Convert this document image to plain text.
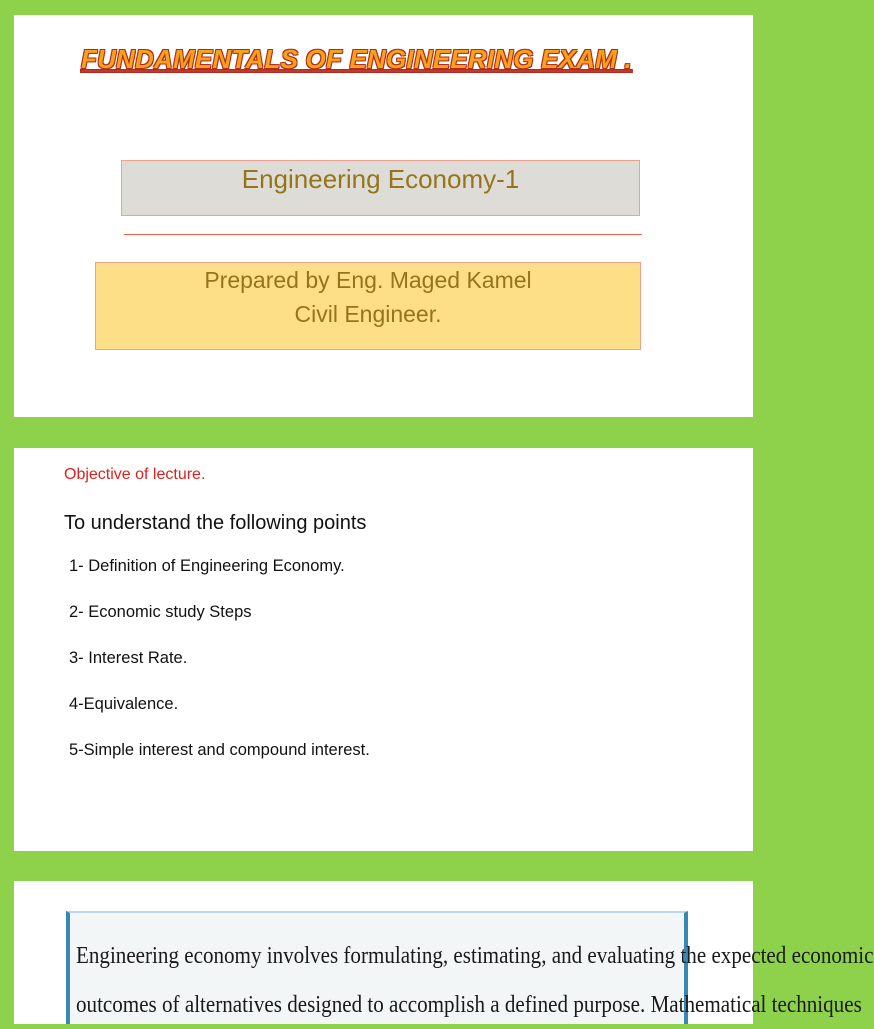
FUNDAMENTALS OF ENGINEERING EXAM .
Engineering Economy-1
Prepared by Eng. Maged Kamel
Civil Engineer.
Objective of lecture.
To understand the following points
1- Definition of Engineering Economy.
2- Economic study Steps
3- Interest Rate.
4-Equivalence.
5-Simple interest and compound interest.

Engineering economy involves formulating, estimating, and evaluating the expected economic

outcomes of alternatives designed to accomplish a defined purpose. Mathematical techniques
